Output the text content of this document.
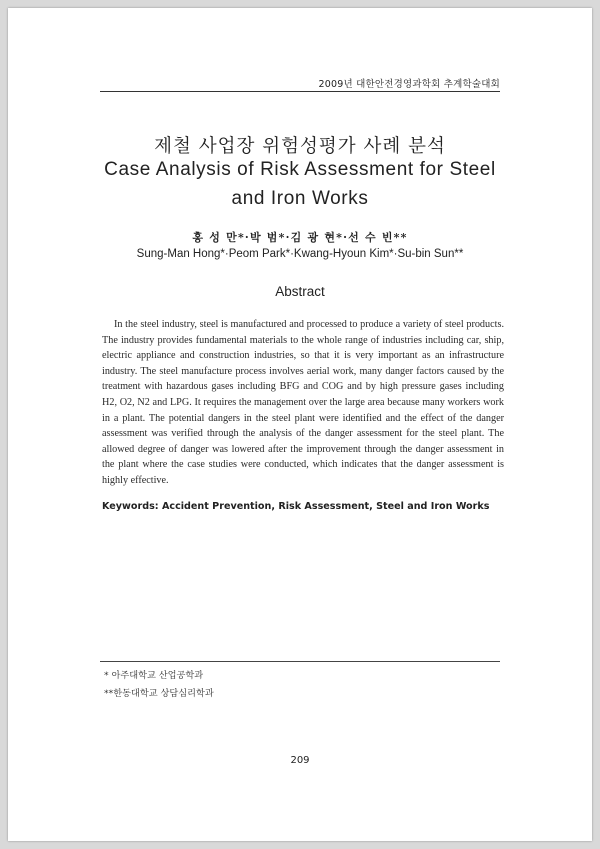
2009년 대한안전경영과학회 추계학술대회
제철 사업장 위험성평가 사례 분석
Case Analysis of Risk Assessment for Steel
and Iron Works
홍 성 만*·박 범*·김 광 현*·선 수 빈**
Sung-Man Hong*·Peom Park*·Kwang-Hyoun Kim*·Su-bin Sun**
Abstract

In the steel industry, steel is manufactured and processed to produce a variety of steel products. The industry provides fundamental materials to the whole range of industries including car, ship, electric appliance and construction industries, so that it is very important as an infrastructure industry. The steel manufacture process involves aerial work, many danger factors caused by the treatment with hazardous gases including BFG and COG and by high pressure gases including H2, O2, N2 and LPG. It requires the management over the large area because many workers work in a plant. The potential dangers in the steel plant were identified and the effect of the danger assessment was verified through the analysis of the danger assessment for the steel plant. The allowed degree of danger was lowered after the improvement through the danger assessment in the plant where the case studies were conducted, which indicates that the danger assessment is highly effective.

Keywords: Accident Prevention, Risk Assessment, Steel and Iron Works
* 아주대학교 산업공학과
**한동대학교 상담심리학과
209
